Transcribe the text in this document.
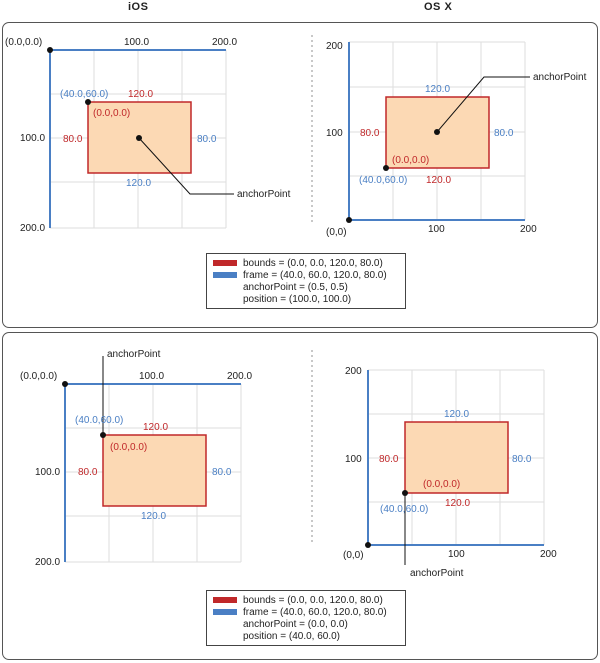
iOS	OS X
(0.0,0.0)	100.0	200.0
100.0
200.0
(40.0,60.0) 120.0
(0.0,0.0)
80.0	80.0
120.0
anchorPoint
(0,0)	100	200
100
200
anchorPoint
120.0
80.0	80.0
(0.0,0.0)
(40.0,60.0) 120.0
anchorPoint
(0.0,0.0)	100.0	200.0
100.0
200.0
(40.0,60.0)
120.0
(0.0,0.0)
80.0	80.0
120.0
anchorPoint
(0,0)	100	200
100
200
120.0
80.0	80.0
(0.0,0.0)
(40.0,60.0)
120.0
bounds = (0.0, 0.0, 120.0, 80.0)
frame = (40.0, 60.0, 120.0, 80.0)
anchorPoint = (0.5, 0.5)
position = (100.0, 100.0)
bounds = (0.0, 0.0, 120.0, 80.0)
frame = (40.0, 60.0, 120.0, 80.0)
anchorPoint = (0.0, 0.0)
position = (40.0, 60.0)
